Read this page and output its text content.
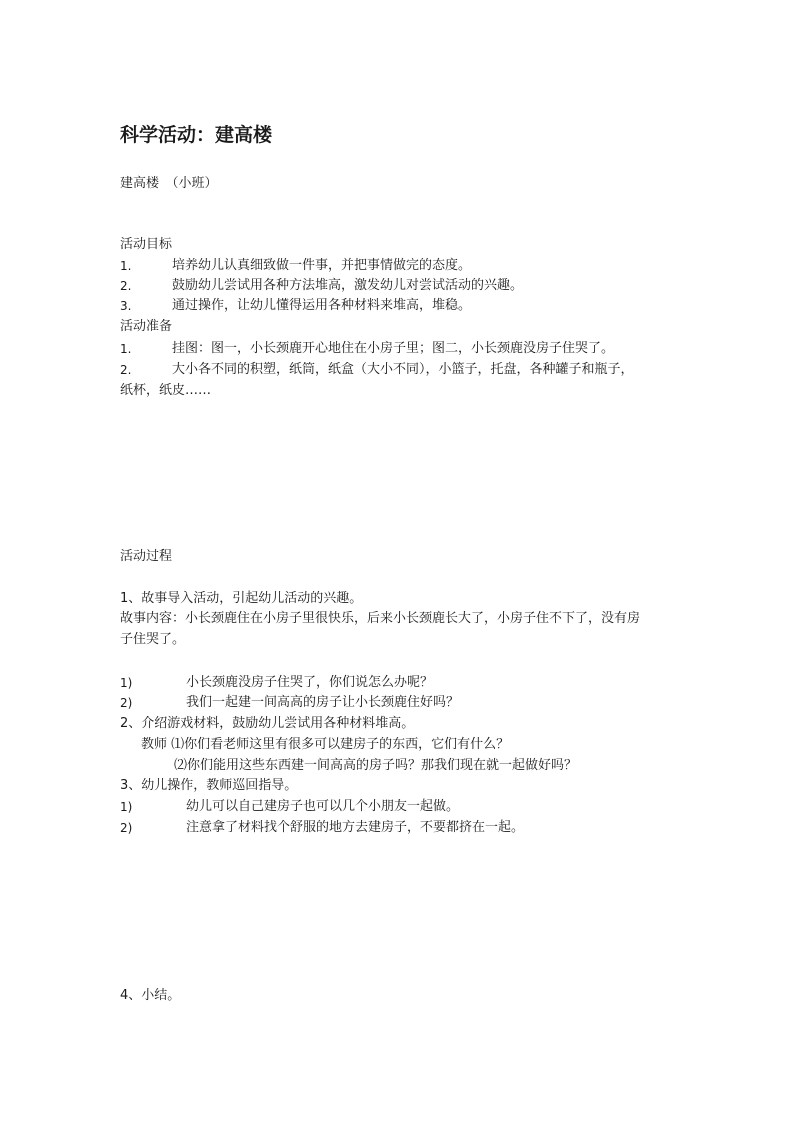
科学活动：建高楼
建高楼　（小班）
活动目标
1.	培养幼儿认真细致做一件事，并把事情做完的态度。
2.	鼓励幼儿尝试用各种方法堆高，激发幼儿对尝试活动的兴趣。
3.	通过操作，让幼儿懂得运用各种材料来堆高，堆稳。
活动准备
1.	挂图：图一，小长颈鹿开心地住在小房子里；图二，小长颈鹿没房子住哭了。
2.	大小各不同的积塑，纸筒，纸盒（大小不同），小篮子，托盘，各种罐子和瓶子，
纸杯，纸皮……
活动过程
1、故事导入活动，引起幼儿活动的兴趣。
故事内容：小长颈鹿住在小房子里很快乐，后来小长颈鹿长大了，小房子住不下了，没有房
子住哭了。
1)	小长颈鹿没房子住哭了，你们说怎么办呢？
2)	我们一起建一间高高的房子让小长颈鹿住好吗？
2、介绍游戏材料，鼓励幼儿尝试用各种材料堆高。
教师 ⑴你们看老师这里有很多可以建房子的东西，它们有什么？
⑵你们能用这些东西建一间高高的房子吗？那我们现在就一起做好吗？
3、幼儿操作，教师巡回指导。
1)	幼儿可以自己建房子也可以几个小朋友一起做。
2)	注意拿了材料找个舒服的地方去建房子，不要都挤在一起。
4、小结。
